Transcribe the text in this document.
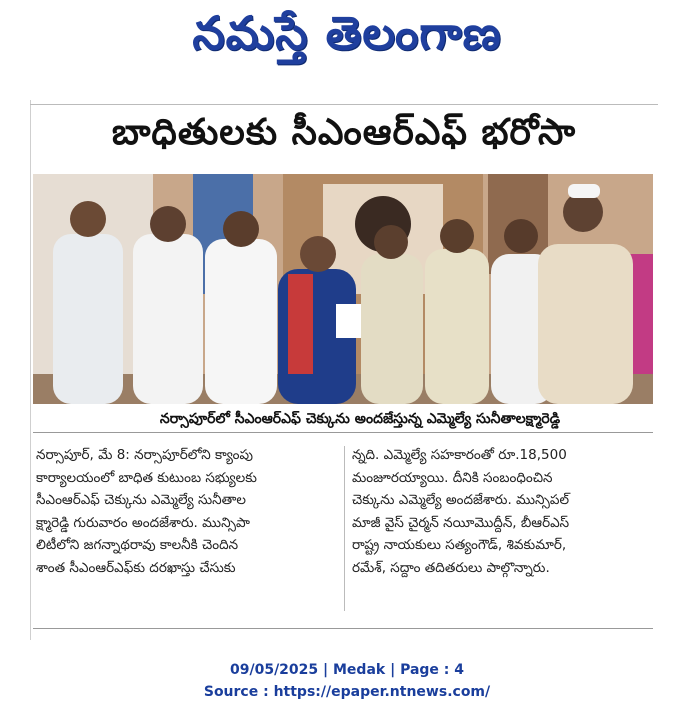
నమస్తే తెలంగాణ
బాధితులకు సీఎంఆర్ఎఫ్ భరోసా
నర్సాపూర్‌లో సీఎంఆర్ఎఫ్ చెక్కును అందజేస్తున్న ఎమ్మెల్యే సునీతాలక్ష్మారెడ్డి

నర్సాపూర్, మే 8: నర్సాపూర్‌లోని క్యాంపు

కార్యాలయంలో బాధిత కుటుంబ సభ్యులకు

సీఎంఆర్ఎఫ్ చెక్కును ఎమ్మెల్యే సునీతాల

క్ష్మారెడ్డి గురువారం అందజేశారు. మున్సిపా

లిటీలోని జగన్నాథరావు కాలనీకి చెందిన

శాంత సీఎంఆర్ఎఫ్‌కు దరఖాస్తు చేసుకు

న్నది. ఎమ్మెల్యే సహకారంతో రూ.18,500

మంజూరయ్యాయి. దీనికి సంబంధించిన

చెక్కును ఎమ్మెల్యే అందజేశారు. మున్సిపల్

మాజీ వైస్ చైర్మన్ నయీమొద్దీన్, బీఆర్ఎస్

రాష్ట్ర నాయకులు సత్యంగౌడ్, శివకుమార్,

రమేశ్, సద్దాం తదితరులు పాల్గొన్నారు.

09/05/2025 | Medak | Page : 4
Source : https://epaper.ntnews.com/
